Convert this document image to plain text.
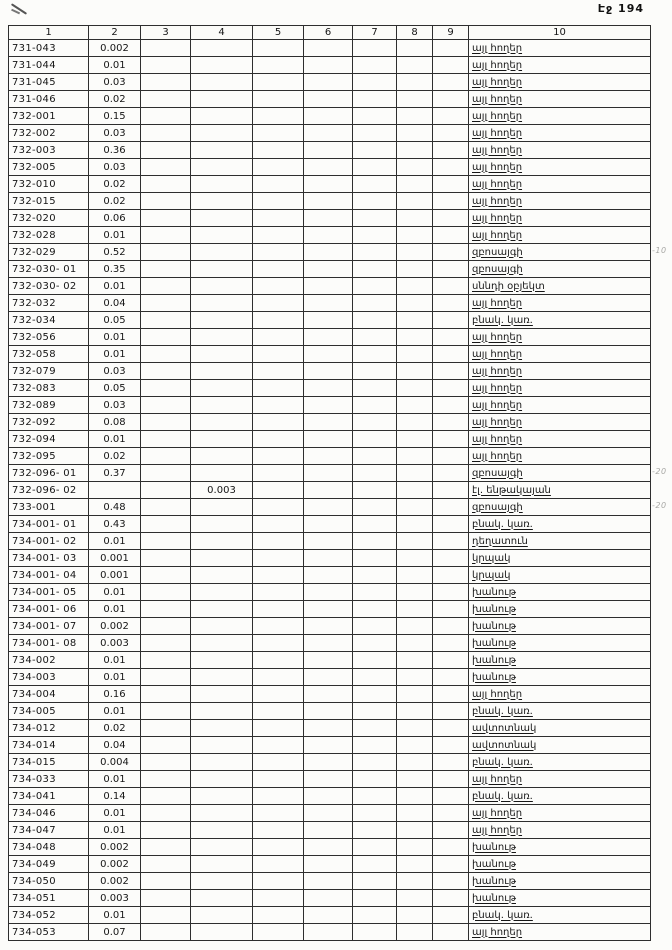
Էջ 194
1	2	3	4	5	6	7	8	9	10
731-043	0.002								այլ հողեր
731-044	0.01								այլ հողեր
731-045	0.03								այլ հողեր
731-046	0.02								այլ հողեր
732-001	0.15								այլ հողեր
732-002	0.03								այլ հողեր
732-003	0.36								այլ հողեր
732-005	0.03								այլ հողեր
732-010	0.02								այլ հողեր
732-015	0.02								այլ հողեր
732-020	0.06								այլ հողեր
732-028	0.01								այլ հողեր
732-029	0.52								զբոսայգի
732-030- 01	0.35								զբոսայգի
732-030- 02	0.01								սննդի օբյեկտ
732-032	0.04								այլ հողեր
732-034	0.05								բնակ. կառ.
732-056	0.01								այլ հողեր
732-058	0.01								այլ հողեր
732-079	0.03								այլ հողեր
732-083	0.05								այլ հողեր
732-089	0.03								այլ հողեր
732-092	0.08								այլ հողեր
732-094	0.01								այլ հողեր
732-095	0.02								այլ հողեր
732-096- 01	0.37								զբոսայգի
732-096- 02			0.003						էլ. ենթակայան
733-001	0.48								զբոսայգի
734-001- 01	0.43								բնակ. կառ.
734-001- 02	0.01								դեղատուն
734-001- 03	0.001								կրպակ
734-001- 04	0.001								կրպակ
734-001- 05	0.01								խանութ
734-001- 06	0.01								խանութ
734-001- 07	0.002								խանութ
734-001- 08	0.003								խանութ
734-002	0.01								խանութ
734-003	0.01								խանութ
734-004	0.16								այլ հողեր
734-005	0.01								բնակ. կառ.
734-012	0.02								ավտոտնակ
734-014	0.04								ավտոտնակ
734-015	0.004								բնակ. կառ.
734-033	0.01								այլ հողեր
734-041	0.14								բնակ. կառ.
734-046	0.01								այլ հողեր
734-047	0.01								այլ հողեր
734-048	0.002								խանութ
734-049	0.002								խանութ
734-050	0.002								խանութ
734-051	0.003								խանութ
734-052	0.01								բնակ. կառ.
734-053	0.07								այլ հողեր
-10
-20
-20
